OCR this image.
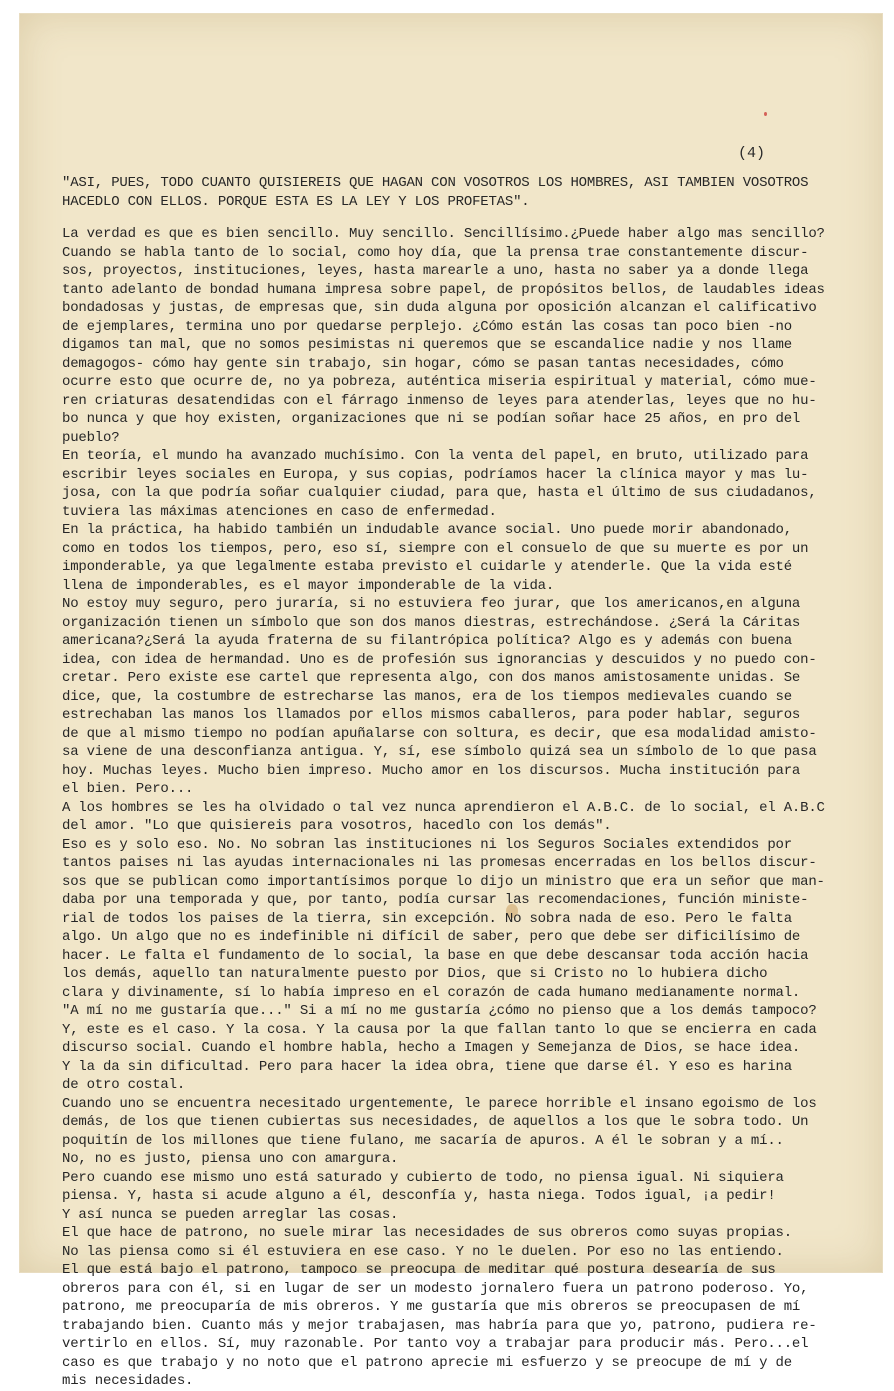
(4)
"ASI, PUES, TODO CUANTO QUISIEREIS QUE HAGAN CON VOSOTROS LOS HOMBRES, ASI TAMBIEN VOSOTROS
HACEDLO CON ELLOS. PORQUE ESTA ES LA LEY Y LOS PROFETAS".
La verdad es que es bien sencillo. Muy sencillo. Sencillísimo.¿Puede haber algo mas sencillo?
Cuando se habla tanto de lo social, como hoy día, que la prensa trae constantemente discur-
sos, proyectos, instituciones, leyes, hasta marearle a uno, hasta no saber ya a donde llega
tanto adelanto de bondad humana impresa sobre papel, de propósitos bellos, de laudables ideas
bondadosas y justas, de empresas que, sin duda alguna por oposición alcanzan el calificativo
de ejemplares, termina uno por quedarse perplejo. ¿Cómo están las cosas tan poco bien -no
digamos tan mal, que no somos pesimistas ni queremos que se escandalice nadie y nos llame
demagogos- cómo hay gente sin trabajo, sin hogar, cómo se pasan tantas necesidades, cómo
ocurre esto que ocurre de, no ya pobreza, auténtica miseria espiritual y material, cómo mue-
ren criaturas desatendidas con el fárrago inmenso de leyes para atenderlas, leyes que no hu-
bo nunca y que hoy existen, organizaciones que ni se podían soñar hace 25 años, en pro del
pueblo?
En teoría, el mundo ha avanzado muchísimo. Con la venta del papel, en bruto, utilizado para
escribir leyes sociales en Europa, y sus copias, podríamos hacer la clínica mayor y mas lu-
josa, con la que podría soñar cualquier ciudad, para que, hasta el último de sus ciudadanos,
tuviera las máximas atenciones en caso de enfermedad.
En la práctica, ha habido también un indudable avance social. Uno puede morir abandonado,
como en todos los tiempos, pero, eso sí, siempre con el consuelo de que su muerte es por un
imponderable, ya que legalmente estaba previsto el cuidarle y atenderle. Que la vida esté
llena de imponderables, es el mayor imponderable de la vida.
No estoy muy seguro, pero juraría, si no estuviera feo jurar, que los americanos,en alguna
organización tienen un símbolo que son dos manos diestras, estrechándose. ¿Será la Cáritas
americana?¿Será la ayuda fraterna de su filantrópica política? Algo es y además con buena
idea, con idea de hermandad. Uno es de profesión sus ignorancias y descuidos y no puedo con-
cretar. Pero existe ese cartel que representa algo, con dos manos amistosamente unidas. Se
dice, que, la costumbre de estrecharse las manos, era de los tiempos medievales cuando se
estrechaban las manos los llamados por ellos mismos caballeros, para poder hablar, seguros
de que al mismo tiempo no podían apuñalarse con soltura, es decir, que esa modalidad amisto-
sa viene de una desconfianza antigua. Y, sí, ese símbolo quizá sea un símbolo de lo que pasa
hoy. Muchas leyes. Mucho bien impreso. Mucho amor en los discursos. Mucha institución para
el bien. Pero...
A los hombres se les ha olvidado o tal vez nunca aprendieron el A.B.C. de lo social, el A.B.C
del amor. "Lo que quisiereis para vosotros, hacedlo con los demás".
Eso es y solo eso. No. No sobran las instituciones ni los Seguros Sociales extendidos por
tantos paises ni las ayudas internacionales ni las promesas encerradas en los bellos discur-
sos que se publican como importantísimos porque lo dijo un ministro que era un señor que man-
daba por una temporada y que, por tanto, podía cursar las recomendaciones, función ministe-
rial de todos los paises de la tierra, sin excepción. No sobra nada de eso. Pero le falta
algo. Un algo que no es indefinible ni difícil de saber, pero que debe ser dificilísimo de
hacer. Le falta el fundamento de lo social, la base en que debe descansar toda acción hacia
los demás, aquello tan naturalmente puesto por Dios, que si Cristo no lo hubiera dicho
clara y divinamente, sí lo había impreso en el corazón de cada humano medianamente normal.
"A mí no me gustaría que..." Si a mí no me gustaría ¿cómo no pienso que a los demás tampoco?
Y, este es el caso. Y la cosa. Y la causa por la que fallan tanto lo que se encierra en cada
discurso social. Cuando el hombre habla, hecho a Imagen y Semejanza de Dios, se hace idea.
Y la da sin dificultad. Pero para hacer la idea obra, tiene que darse él. Y eso es harina
de otro costal.
Cuando uno se encuentra necesitado urgentemente, le parece horrible el insano egoismo de los
demás, de los que tienen cubiertas sus necesidades, de aquellos a los que le sobra todo. Un
poquitín de los millones que tiene fulano, me sacaría de apuros. A él le sobran y a mí..
No, no es justo, piensa uno con amargura.
Pero cuando ese mismo uno está saturado y cubierto de todo, no piensa igual. Ni siquiera
piensa. Y, hasta si acude alguno a él, desconfía y, hasta niega. Todos igual, ¡a pedir!
Y así nunca se pueden arreglar las cosas.
El que hace de patrono, no suele mirar las necesidades de sus obreros como suyas propias.
No las piensa como si él estuviera en ese caso. Y no le duelen. Por eso no las entiendo.
El que está bajo el patrono, tampoco se preocupa de meditar qué postura desearía de sus
obreros para con él, si en lugar de ser un modesto jornalero fuera un patrono poderoso. Yo,
patrono, me preocuparía de mis obreros. Y me gustaría que mis obreros se preocupasen de mí
trabajando bien. Cuanto más y mejor trabajasen, mas habría para que yo, patrono, pudiera re-
vertirlo en ellos. Sí, muy razonable. Por tanto voy a trabajar para producir más. Pero...el
caso es que trabajo y no noto que el patrono aprecie mi esfuerzo y se preocupe de mí y de
mis necesidades.
